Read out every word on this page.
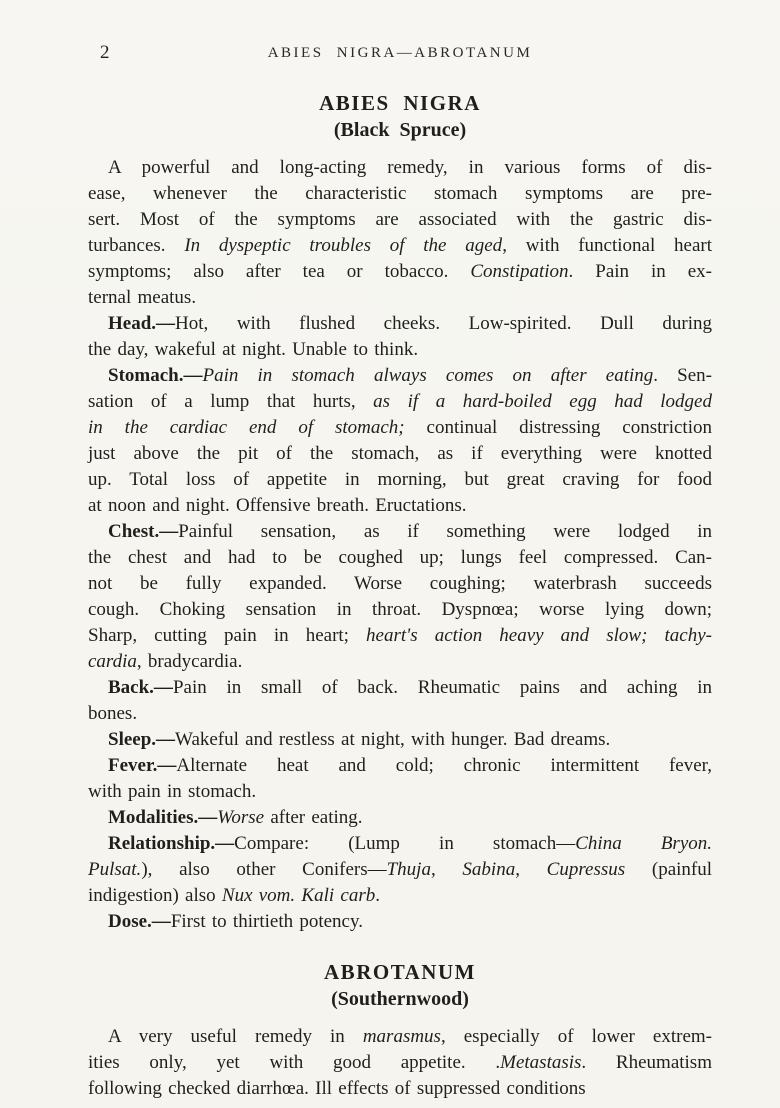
2	ABIES NIGRA—ABROTANUM
ABIES NIGRA
(Black Spruce)
A powerful and long-acting remedy, in various forms of dis-
ease, whenever the characteristic stomach symptoms are pre-
sert. Most of the symptoms are associated with the gastric dis-
turbances. In dyspeptic troubles of the aged, with functional heart
symptoms; also after tea or tobacco. Constipation. Pain in ex-
ternal meatus.
Head.—Hot, with flushed cheeks. Low-spirited. Dull during
the day, wakeful at night. Unable to think.
Stomach.—Pain in stomach always comes on after eating. Sen-
sation of a lump that hurts, as if a hard-boiled egg had lodged
in the cardiac end of stomach; continual distressing constriction
just above the pit of the stomach, as if everything were knotted
up. Total loss of appetite in morning, but great craving for food
at noon and night. Offensive breath. Eructations.
Chest.—Painful sensation, as if something were lodged in
the chest and had to be coughed up; lungs feel compressed. Can-
not be fully expanded. Worse coughing; waterbrash succeeds
cough. Choking sensation in throat. Dyspnœa; worse lying down;
Sharp, cutting pain in heart; heart's action heavy and slow; tachy-
cardia, bradycardia.
Back.—Pain in small of back. Rheumatic pains and aching in
bones.
Sleep.—Wakeful and restless at night, with hunger. Bad dreams.
Fever.—Alternate heat and cold; chronic intermittent fever,
with pain in stomach.
Modalities.—Worse after eating.
Relationship.—Compare: (Lump in stomach—China Bryon.
Pulsat.), also other Conifers—Thuja, Sabina, Cupressus (painful
indigestion) also Nux vom. Kali carb.
Dose.—First to thirtieth potency.
ABROTANUM
(Southernwood)
A very useful remedy in marasmus, especially of lower extrem-
ities only, yet with good appetite. .Metastasis. Rheumatism
following checked diarrhœa. Ill effects of suppressed conditions
